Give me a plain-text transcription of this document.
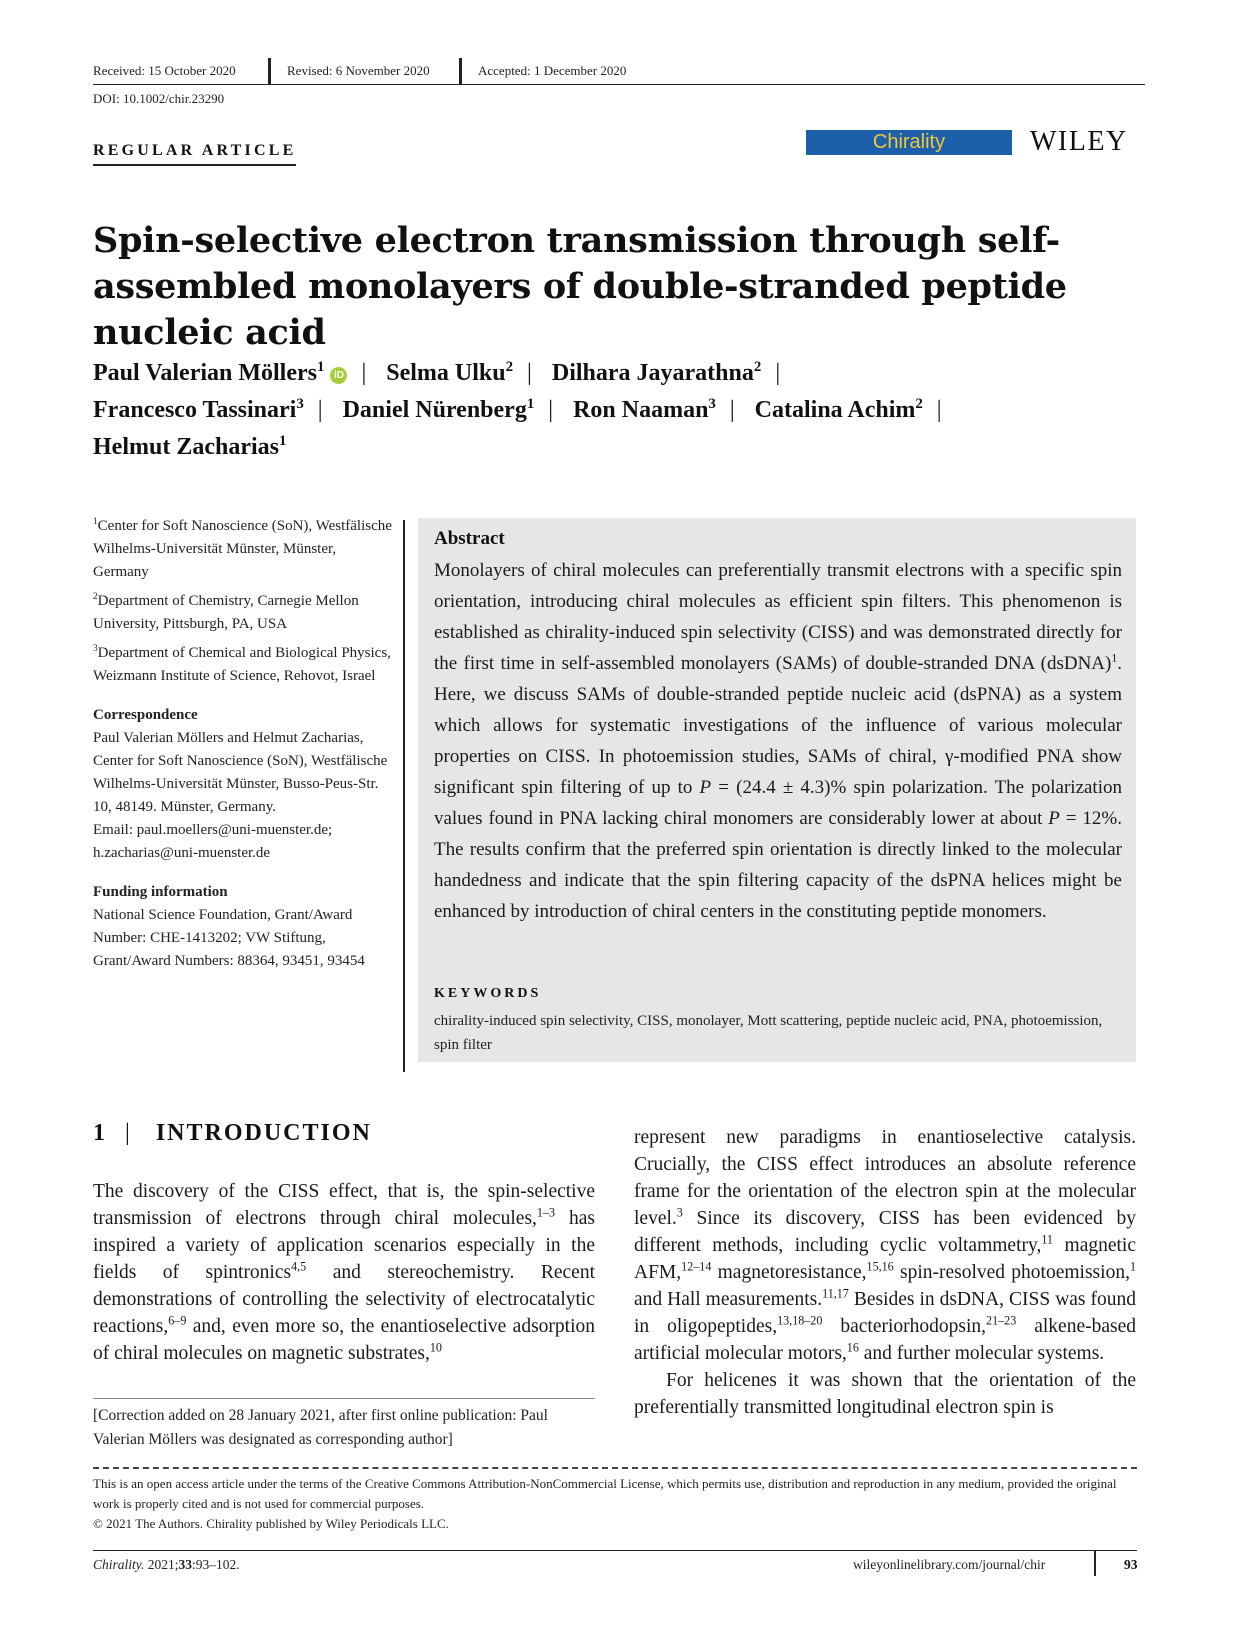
Received: 15 October 2020	Revised: 6 November 2020	Accepted: 1 December 2020
DOI: 10.1002/chir.23290
REGULAR ARTICLE	Chirality	WILEY
Spin-selective electron transmission through self-assembled monolayers of double-stranded peptide nucleic acid
Paul Valerian Möllers$^1$iD | Selma Ulku$^2$ | Dilhara Jayarathna$^2$ |
Francesco Tassinari$^3$ | Daniel Nürenberg$^1$ | Ron Naaman$^3$ | Catalina Achim$^2$ |
Helmut Zacharias$^1$

$^1$Center for Soft Nanoscience (SoN), Westfälische Wilhelms-Universität Münster, Münster, Germany

$^2$Department of Chemistry, Carnegie Mellon University, Pittsburgh, PA, USA

$^3$Department of Chemical and Biological Physics, Weizmann Institute of Science, Rehovot, Israel

Correspondence
Paul Valerian Möllers and Helmut Zacharias, Center for Soft Nanoscience (SoN), Westfälische Wilhelms-Universität Münster, Busso-Peus-Str. 10, 48149. Münster, Germany.
Email: paul.moellers@uni-muenster.de; h.zacharias@uni-muenster.de
Funding information
National Science Foundation, Grant/Award Number: CHE-1413202; VW Stiftung, Grant/Award Numbers: 88364, 93451, 93454
Abstract
Monolayers of chiral molecules can preferentially transmit electrons with a specific spin orientation, introducing chiral molecules as efficient spin filters. This phenomenon is established as chirality-induced spin selectivity (CISS) and was demonstrated directly for the first time in self-assembled monolayers (SAMs) of double-stranded DNA (dsDNA)$^1$. Here, we discuss SAMs of double-stranded peptide nucleic acid (dsPNA) as a system which allows for systematic investigations of the influence of various molecular properties on CISS. In photoemission studies, SAMs of chiral, γ-modified PNA show significant spin filtering of up to P = (24.4 ± 4.3)% spin polarization. The polarization values found in PNA lacking chiral monomers are considerably lower at about P = 12%. The results confirm that the preferred spin orientation is directly linked to the molecular handedness and indicate that the spin filtering capacity of the dsPNA helices might be enhanced by introduction of chiral centers in the constituting peptide monomers.
KEYWORDS
chirality-induced spin selectivity, CISS, monolayer, Mott scattering, peptide nucleic acid, PNA, photoemission, spin filter
1 | INTRODUCTION
The discovery of the CISS effect, that is, the spin-selective transmission of electrons through chiral molecules,$^{1-3}$ has inspired a variety of application scenarios especially in the fields of spintronics$^{4,5}$ and stereochemistry. Recent demonstrations of controlling the selectivity of electrocatalytic reactions,$^{6-9}$ and, even more so, the enantioselective adsorption of chiral molecules on magnetic substrates,$^{10}$

represent new paradigms in enantioselective catalysis. Crucially, the CISS effect introduces an absolute reference frame for the orientation of the electron spin at the molecular level.$^3$ Since its discovery, CISS has been evidenced by different methods, including cyclic voltammetry,$^{11}$ magnetic AFM,$^{12-14}$ magnetoresistance,$^{15,16}$ spin-resolved photoemission,$^1$ and Hall measurements.$^{11,17}$ Besides in dsDNA, CISS was found in oligopeptides,$^{13,18-20}$ bacteriorhodopsin,$^{21-23}$ alkene-based artificial molecular motors,$^{16}$ and further molecular systems.

For helicenes it was shown that the orientation of the preferentially transmitted longitudinal electron spin is

[Correction added on 28 January 2021, after first online publication: Paul Valerian Möllers was designated as corresponding author]
This is an open access article under the terms of the Creative Commons Attribution-NonCommercial License, which permits use, distribution and reproduction in any medium, provided the original work is properly cited and is not used for commercial purposes.
© 2021 The Authors. Chirality published by Wiley Periodicals LLC.
Chirality. 2021;33:93–102.	wileyonlinelibrary.com/journal/chir	93
